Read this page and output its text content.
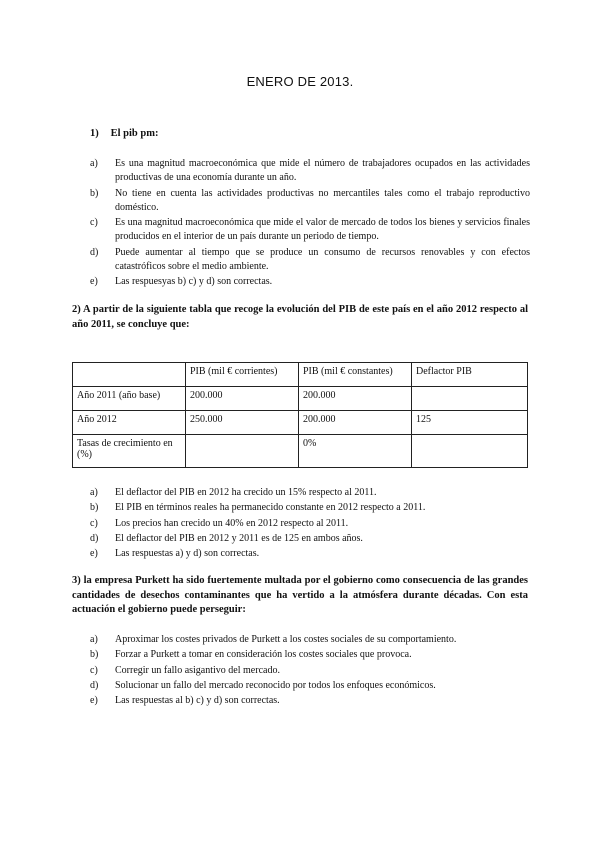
ENERO DE 2013.
1) El pib pm:
a) Es una magnitud macroeconómica que mide el número de trabajadores ocupados en las actividades productivas de una economía durante un año.
b) No tiene en cuenta las actividades productivas no mercantiles tales como el trabajo reproductivo doméstico.
c) Es una magnitud macroeconómica que mide el valor de mercado de todos los bienes y servicios finales producidos en el interior de un país durante un periodo de tiempo.
d) Puede aumentar al tiempo que se produce un consumo de recursos renovables y con efectos catastróficos sobre el medio ambiente.
e) Las respuesyas b) c) y d) son correctas.
2) A partir de la siguiente tabla que recoge la evolución del PIB de este país en el año 2012 respecto al año 2011, se concluye que:
	PIB (mil € corrientes)	PIB (mil € constantes)	Deflactor PIB
Año 2011 (año base)	200.000	200.000	
Año 2012	250.000	200.000	125
Tasas de crecimiento en (%)		0%	
a) El deflactor del PIB en 2012 ha crecido un 15% respecto al 2011.
b) El PIB en términos reales ha permanecido constante en 2012 respecto a 2011.
c) Los precios han crecido un 40% en 2012 respecto al 2011.
d) El deflactor del PIB en 2012 y 2011 es de 125 en ambos años.
e) Las respuestas a) y d) son correctas.
3) la empresa Purkett ha sido fuertemente multada por el gobierno como consecuencia de las grandes cantidades de desechos contaminantes que ha vertido a la atmósfera durante décadas. Con esta actuación el gobierno puede perseguir:
a) Aproximar los costes privados de Purkett a los costes sociales de su comportamiento.
b) Forzar a Purkett a tomar en consideración los costes sociales que provoca.
c) Corregir un fallo asigantivo del mercado.
d) Solucionar un fallo del mercado reconocido por todos los enfoques económicos.
e) Las respuestas al b) c) y d) son correctas.
